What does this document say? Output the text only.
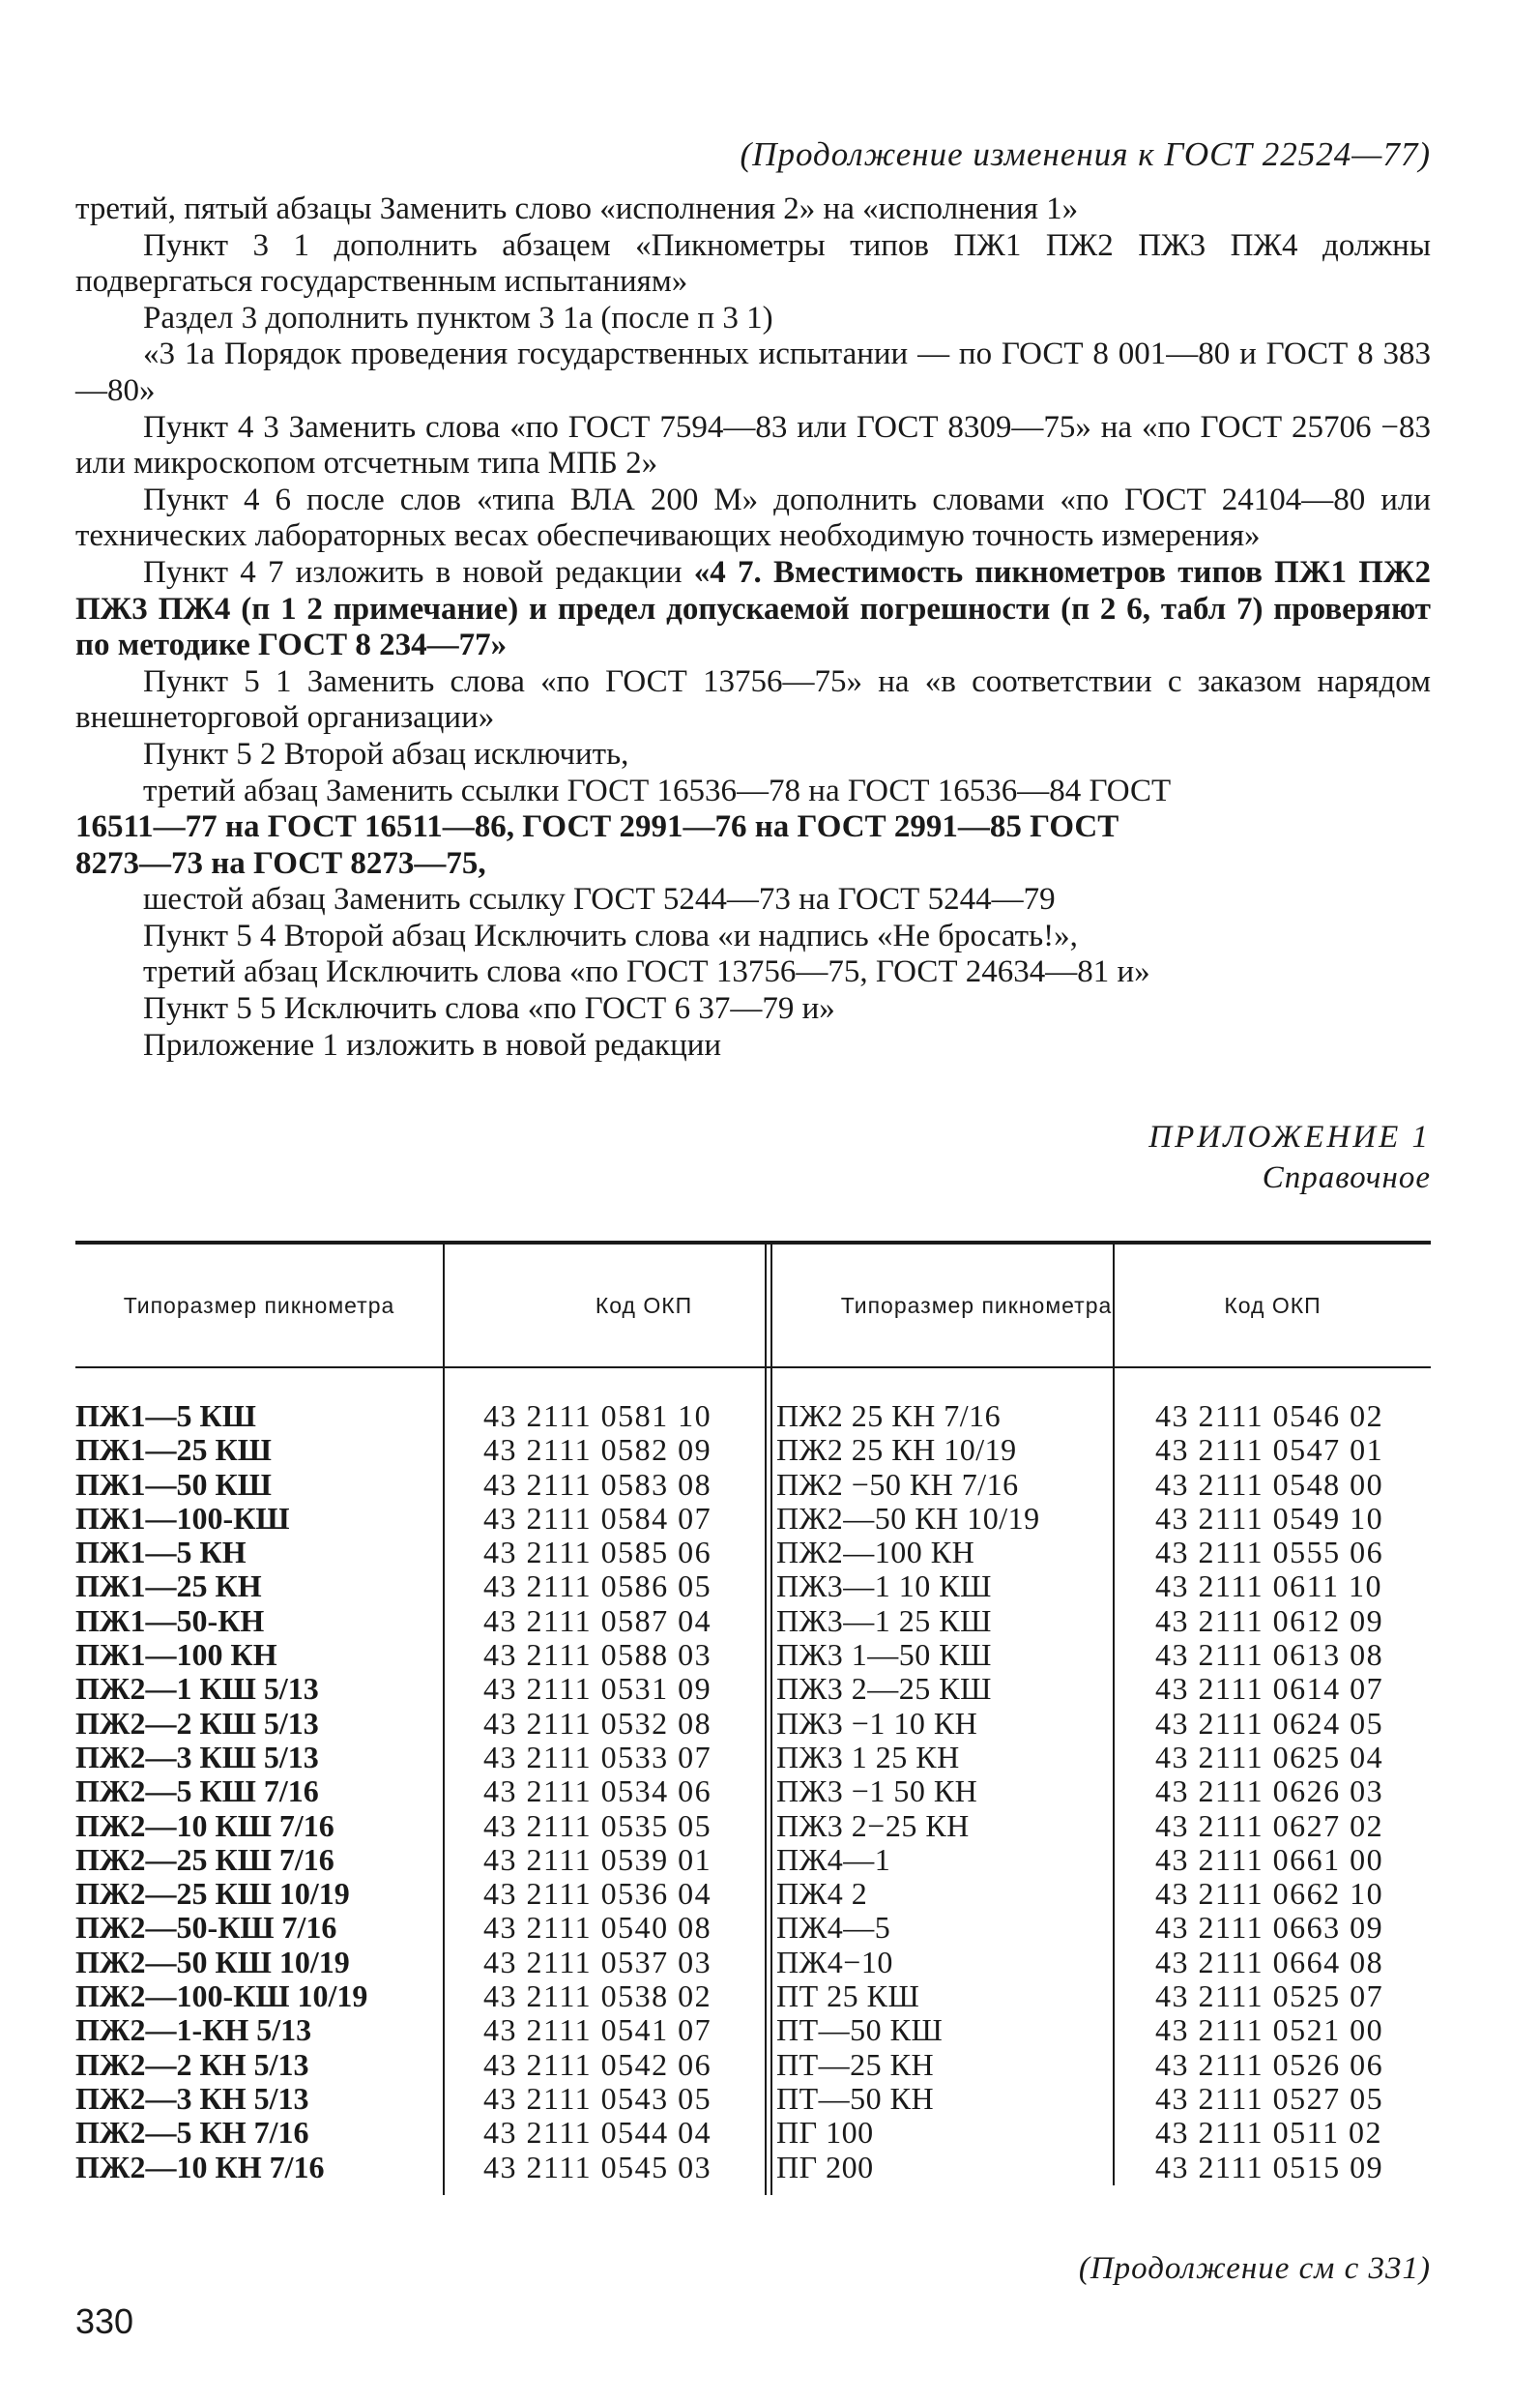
(Продолжение изменения к ГОСТ 22524—77)

третий, пятый абзацы Заменить слово «исполнения 2» на «исполнения 1»

Пункт 3 1 дополнить абзацем «Пикнометры типов ПЖ1 ПЖ2 ПЖ3 ПЖ4 должны подвергаться государственным испытаниям»

Раздел 3 дополнить пунктом 3 1а (после п 3 1)

«3 1а Порядок проведения государственных испытании — по ГОСТ 8 001—80 и ГОСТ 8 383—80»

Пункт 4 3 Заменить слова «по ГОСТ 7594—83 или ГОСТ 8309—75» на «по ГОСТ 25706 −83 или микроскопом отсчетным типа МПБ 2»

Пункт 4 6 после слов «типа ВЛА 200 М» дополнить словами «по ГОСТ 24104—80 или технических лабораторных весах обеспечивающих необходимую точность измерения»

Пункт 4 7 изложить в новой редакции «4 7. Вместимость пикнометров типов ПЖ1 ПЖ2 ПЖ3 ПЖ4 (п 1 2 примечание) и предел допускаемой погрешности (п 2 6, табл 7) проверяют по методике ГОСТ 8 234—77»

Пункт 5 1 Заменить слова «по ГОСТ 13756—75» на «в соответствии с заказом нарядом внешнеторговой организации»

Пункт 5 2 Второй абзац исключить,

третий абзац Заменить ссылки ГОСТ 16536—78 на ГОСТ 16536—84 ГОСТ

16511—77 на ГОСТ 16511—86, ГОСТ 2991—76 на ГОСТ 2991—85 ГОСТ

8273—73 на ГОСТ 8273—75,

шестой абзац Заменить ссылку ГОСТ 5244—73 на ГОСТ 5244—79

Пункт 5 4 Второй абзац Исключить слова «и надпись «Не бросать!»,

третий абзац Исключить слова «по ГОСТ 13756—75, ГОСТ 24634—81 и»

Пункт 5 5 Исключить слова «по ГОСТ 6 37—79 и»

Приложение 1 изложить в новой редакции

ПРИЛОЖЕНИЕ 1
Справочное
Типоразмер пикнометра	Код ОКП	Типоразмер пикнометра	Код ОКП
ПЖ1—5 КШ	43 2111 0581 10 ПЖ2 25 КН 7/16	43 2111 0546 02
ПЖ1—25 КШ	43 2111 0582 09 ПЖ2 25 КН 10/19	43 2111 0547 01
ПЖ1—50 КШ	43 2111 0583 08 ПЖ2 −50 КН 7/16	43 2111 0548 00
ПЖ1—100-КШ	43 2111 0584 07 ПЖ2—50 КН 10/19	43 2111 0549 10
ПЖ1—5 КН	43 2111 0585 06 ПЖ2—100 КН	43 2111 0555 06
ПЖ1—25 КН	43 2111 0586 05 ПЖ3—1 10 КШ	43 2111 0611 10
ПЖ1—50-КН	43 2111 0587 04 ПЖ3—1 25 КШ	43 2111 0612 09
ПЖ1—100 КН	43 2111 0588 03 ПЖ3 1—50 КШ	43 2111 0613 08
ПЖ2—1 КШ 5/13	43 2111 0531 09 ПЖ3 2—25 КШ	43 2111 0614 07
ПЖ2—2 КШ 5/13	43 2111 0532 08 ПЖ3 −1 10 КН	43 2111 0624 05
ПЖ2—3 КШ 5/13	43 2111 0533 07 ПЖ3 1 25 КН	43 2111 0625 04
ПЖ2—5 КШ 7/16	43 2111 0534 06 ПЖ3 −1 50 КН	43 2111 0626 03
ПЖ2—10 КШ 7/16	43 2111 0535 05 ПЖ3 2−25 КН	43 2111 0627 02
ПЖ2—25 КШ 7/16	43 2111 0539 01 ПЖ4—1	43 2111 0661 00
ПЖ2—25 КШ 10/19	43 2111 0536 04 ПЖ4 2	43 2111 0662 10
ПЖ2—50-КШ 7/16	43 2111 0540 08 ПЖ4—5	43 2111 0663 09
ПЖ2—50 КШ 10/19	43 2111 0537 03 ПЖ4−10	43 2111 0664 08
ПЖ2—100-КШ 10/19	43 2111 0538 02 ПТ 25 КШ	43 2111 0525 07
ПЖ2—1-КН 5/13	43 2111 0541 07 ПТ—50 КШ	43 2111 0521 00
ПЖ2—2 КН 5/13	43 2111 0542 06 ПТ—25 КН	43 2111 0526 06
ПЖ2—3 КН 5/13	43 2111 0543 05 ПТ—50 КН	43 2111 0527 05
ПЖ2—5 КН 7/16	43 2111 0544 04 ПГ 100	43 2111 0511 02
ПЖ2—10 КН 7/16	43 2111 0545 03 ПГ 200	43 2111 0515 09
(Продолжение см с 331)
330
